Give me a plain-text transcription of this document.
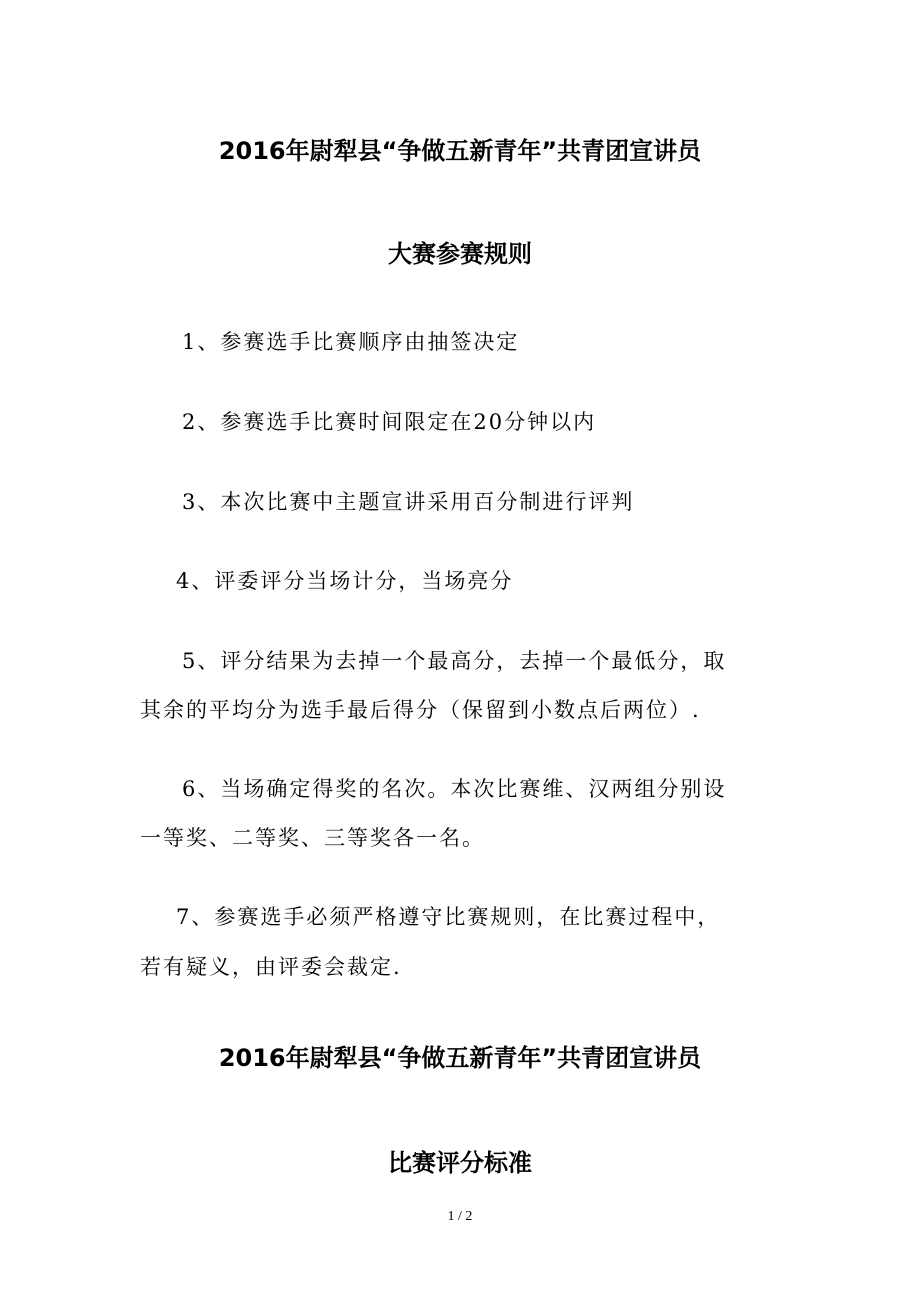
2016年尉犁县“争做五新青年”共青团宣讲员
大赛参赛规则
1、参赛选手比赛顺序由抽签决定
2、参赛选手比赛时间限定在20分钟以内
3、本次比赛中主题宣讲采用百分制进行评判
4、评委评分当场计分，当场亮分
5、评分结果为去掉一个最高分，去掉一个最低分，取
其余的平均分为选手最后得分（保留到小数点后两位）.
6、当场确定得奖的名次。本次比赛维、汉两组分别设
一等奖、二等奖、三等奖各一名。
7、参赛选手必须严格遵守比赛规则，在比赛过程中，
若有疑义，由评委会裁定.
2016年尉犁县“争做五新青年”共青团宣讲员
比赛评分标准
1 / 2
